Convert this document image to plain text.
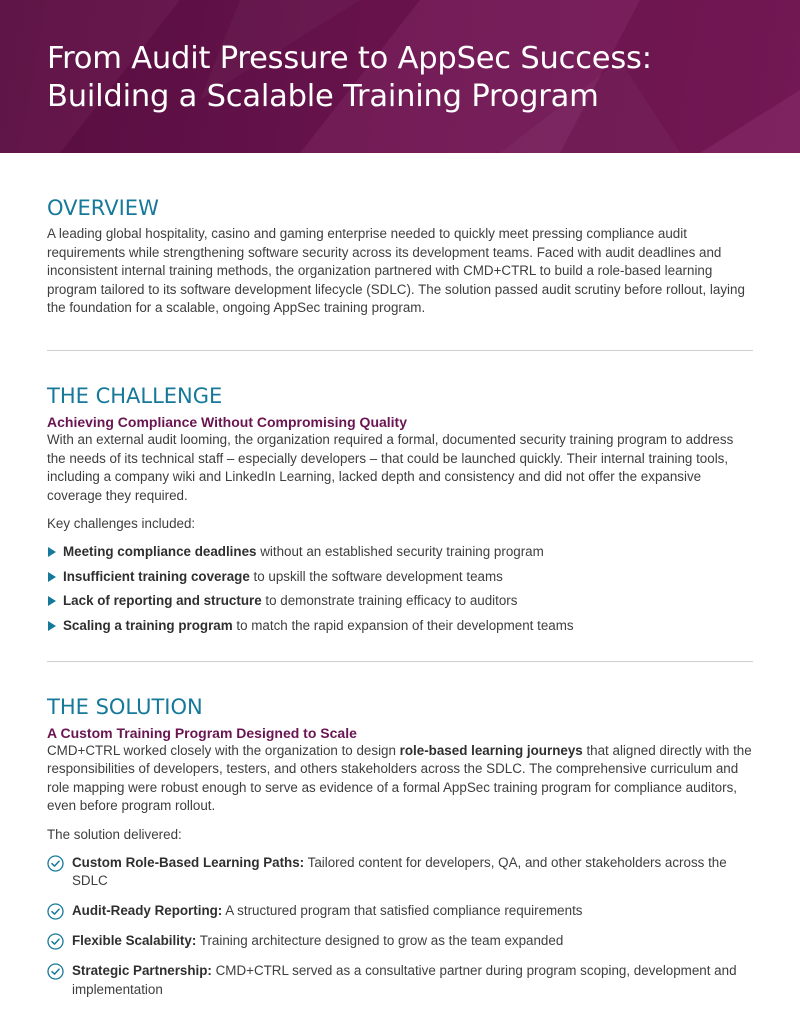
From Audit Pressure to AppSec Success:
Building a Scalable Training Program
OVERVIEW

A leading global hospitality, casino and gaming enterprise needed to quickly meet pressing compliance audit requirements while strengthening software security across its development teams. Faced with audit deadlines and inconsistent internal training methods, the organization partnered with CMD+CTRL to build a role-based learning program tailored to its software development lifecycle (SDLC). The solution passed audit scrutiny before rollout, laying the foundation for a scalable, ongoing AppSec training program.

THE CHALLENGE
Achieving Compliance Without Compromising Quality

With an external audit looming, the organization required a formal, documented security training program to address the needs of its technical staff – especially developers – that could be launched quickly. Their internal training tools, including a company wiki and LinkedIn Learning, lacked depth and consistency and did not offer the expansive coverage they required.

Key challenges included:

Meeting compliance deadlines without an established security training program
Insufficient training coverage to upskill the software development teams
Lack of reporting and structure to demonstrate training efficacy to auditors
Scaling a training program to match the rapid expansion of their development teams
THE SOLUTION
A Custom Training Program Designed to Scale

CMD+CTRL worked closely with the organization to design role-based learning journeys that aligned directly with the responsibilities of developers, testers, and others stakeholders across the SDLC. The comprehensive curriculum and role mapping were robust enough to serve as evidence of a formal AppSec training program for compliance auditors, even before program rollout.

The solution delivered:

Custom Role-Based Learning Paths: Tailored content for developers, QA, and other stakeholders across the SDLC
Audit-Ready Reporting: A structured program that satisfied compliance requirements
Flexible Scalability: Training architecture designed to grow as the team expanded
Strategic Partnership: CMD+CTRL served as a consultative partner during program scoping, development and implementation
